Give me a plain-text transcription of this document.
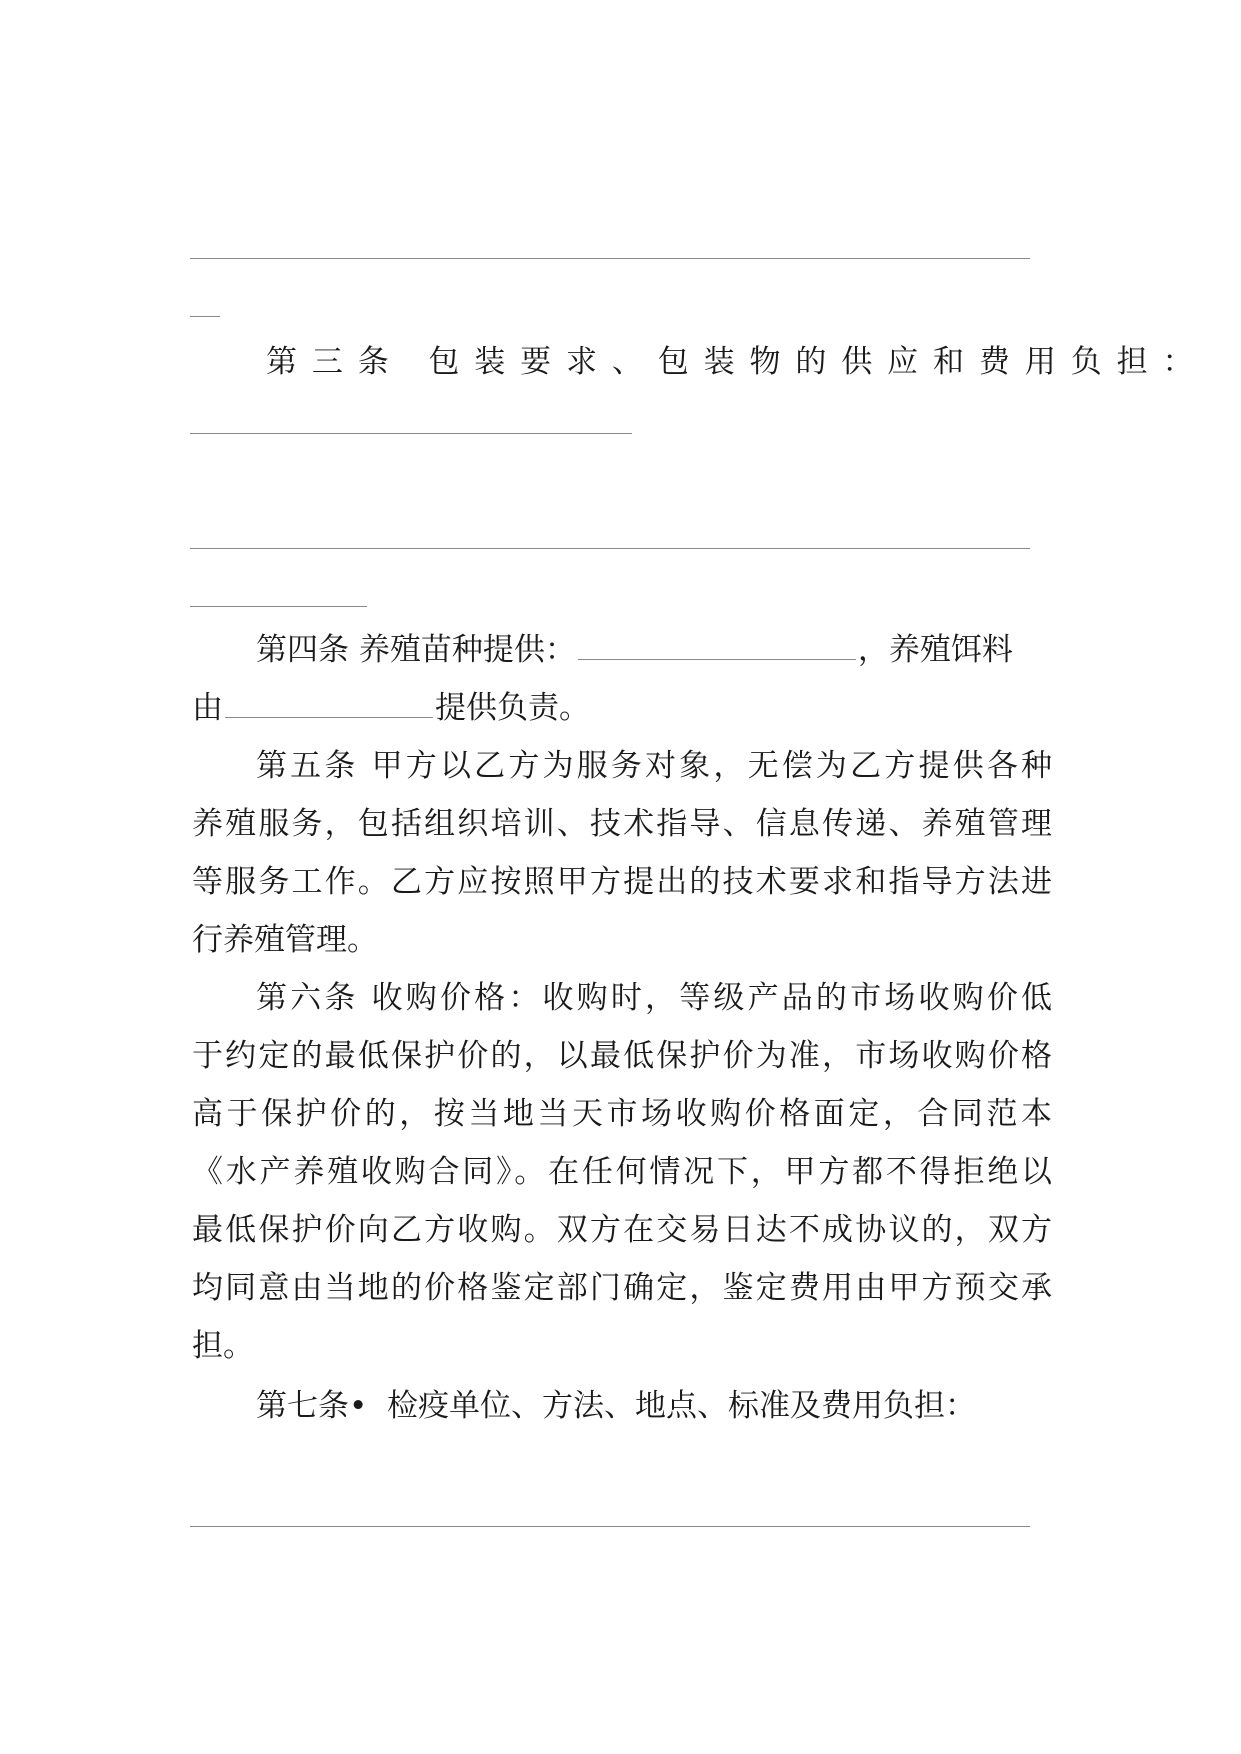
第三条 包装要求、包装物的供应和费用负担：
第四条 养殖苗种提供：	，养殖饵料
由	提供负责。
第五条 甲方以乙方为服务对象，无偿为乙方提供各种
养殖服务，包括组织培训、技术指导、信息传递、养殖管理
等服务工作。乙方应按照甲方提出的技术要求和指导方法进
行养殖管理。
第六条 收购价格：收购时，等级产品的市场收购价低
于约定的最低保护价的，以最低保护价为准，市场收购价格
高于保护价的，按当地当天市场收购价格面定，合同范本
《水产养殖收购合同》。在任何情况下，甲方都不得拒绝以
最低保护价向乙方收购。双方在交易日达不成协议的，双方
均同意由当地的价格鉴定部门确定，鉴定费用由甲方预交承
担。
第七条• 检疫单位、方法、地点、标准及费用负担：
